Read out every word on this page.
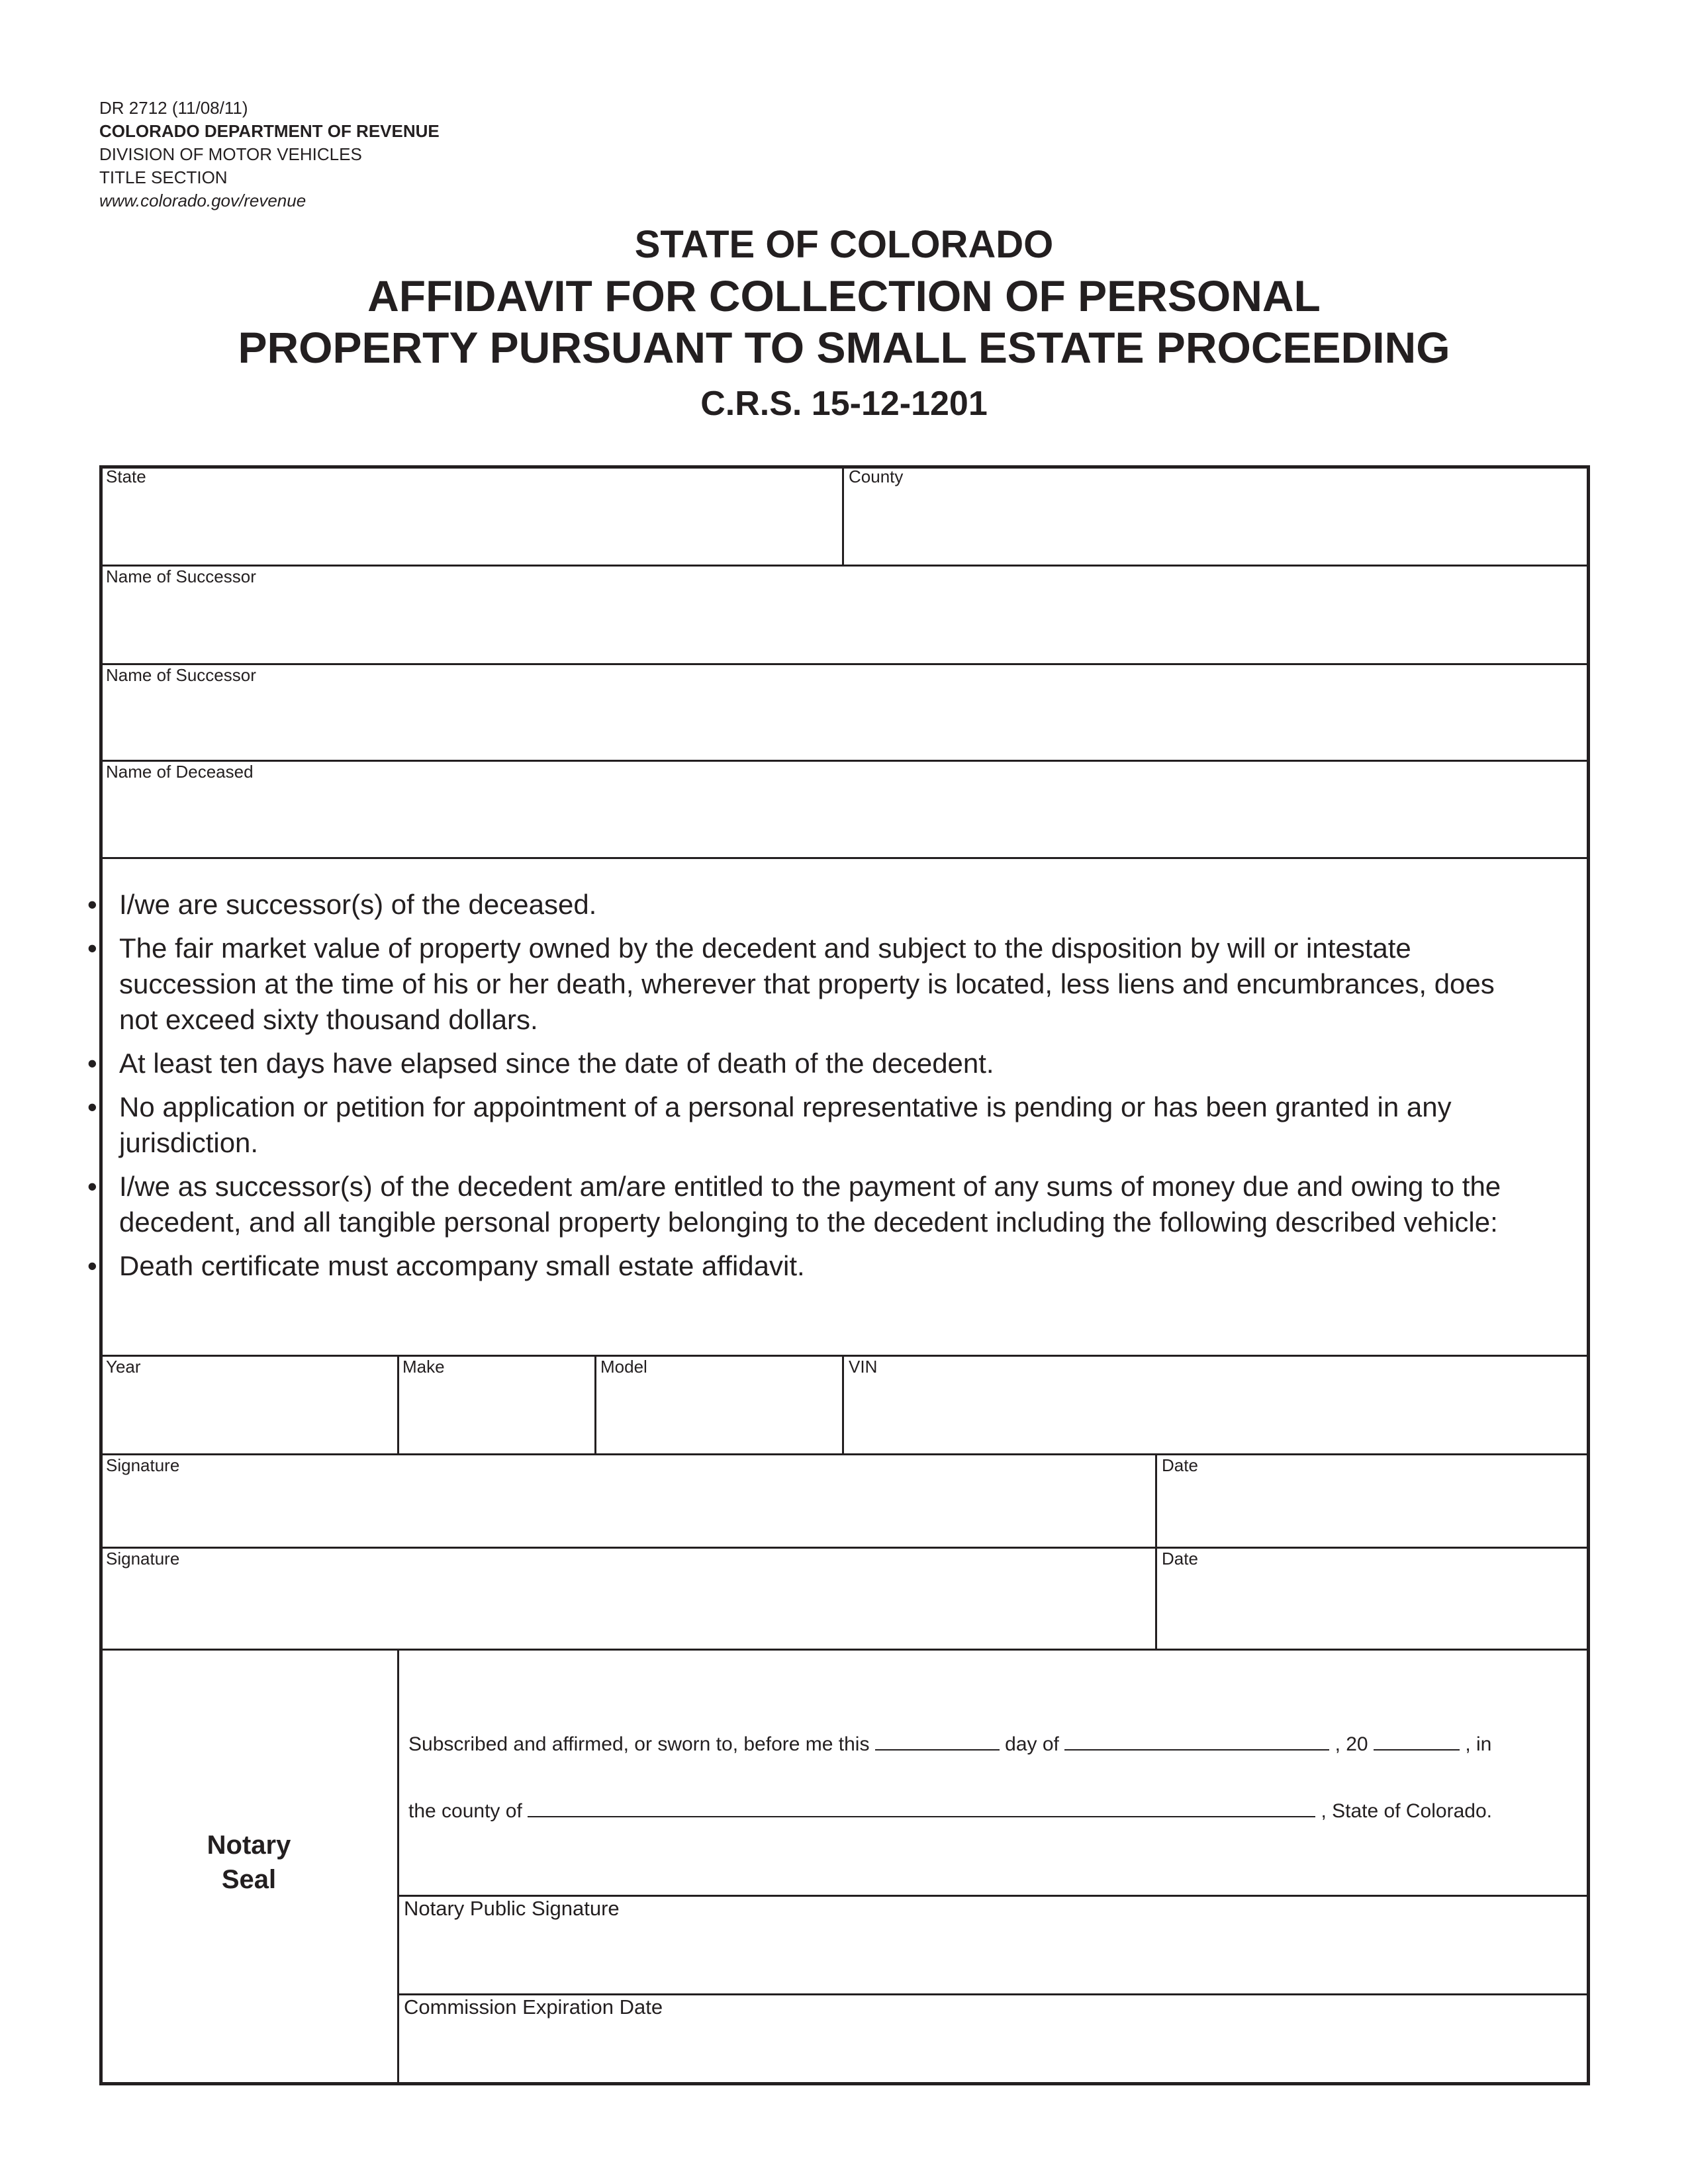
DR 2712 (11/08/11)
COLORADO DEPARTMENT OF REVENUE
DIVISION OF MOTOR VEHICLES
TITLE SECTION
www.colorado.gov/revenue
STATE OF COLORADO
AFFIDAVIT FOR COLLECTION OF PERSONAL
PROPERTY PURSUANT TO SMALL ESTATE PROCEEDING
C.R.S. 15-12-1201
State	County
Name of Successor
Name of Successor
Name of Deceased
Year	Make	Model	VIN
Signature	Date
Signature	Date
Notary Public Signature
Commission Expiration Date
• I/we are successor(s) of the deceased.
• The fair market value of property owned by the decedent and subject to the disposition by will or intestate succession at the time of his or her death, wherever that property is located, less liens and encumbrances, does not exceed sixty thousand dollars.
• At least ten days have elapsed since the date of death of the decedent.
• No application or petition for appointment of a personal representative is pending or has been granted in any jurisdiction.
• I/we as successor(s) of the decedent am/are entitled to the payment of any sums of money due and owing to the decedent, and all tangible personal property belonging to the decedent including the following described vehicle:
• Death certificate must accompany small estate affidavit.
Notary
Seal
Subscribed and affirmed, or sworn to, before me this	day of	, 20	, in
the county of	, State of Colorado.
